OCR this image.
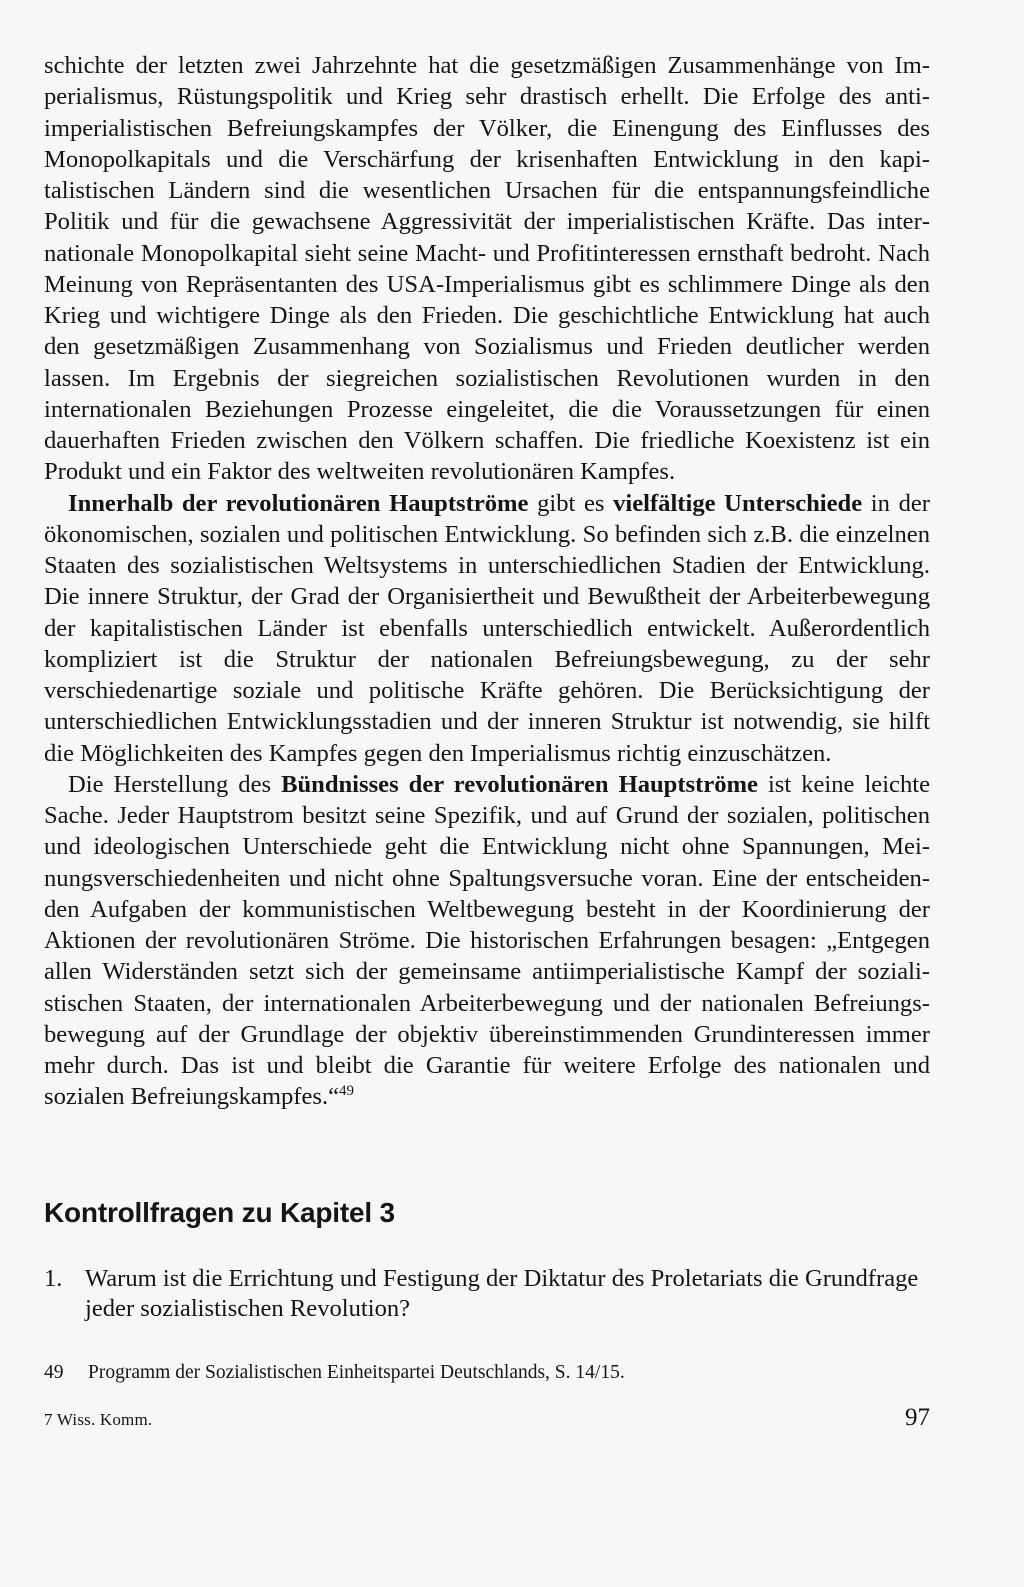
schichte der letzten zwei Jahrzehnte hat die gesetzmäßigen Zusammenhänge von Imperialismus, Rüstungspolitik und Krieg sehr drastisch erhellt. Die Erfolge des antiimperialistischen Befreiungskampfes der Völker, die Einengung des Einflusses des Monopolkapitals und die Verschärfung der krisenhaften Entwicklung in den kapitalistischen Ländern sind die wesentlichen Ursachen für die entspannungsfeindliche Politik und für die gewachsene Aggressivität der imperialistischen Kräfte. Das internationale Monopolkapital sieht seine Macht- und Profitinteressen ernsthaft bedroht. Nach Meinung von Repräsentanten des USA-Imperialismus gibt es schlimmere Dinge als den Krieg und wichtigere Dinge als den Frieden. Die geschichtliche Entwicklung hat auch den gesetzmäßigen Zusammenhang von Sozialismus und Frieden deutlicher werden lassen. Im Ergebnis der siegreichen sozialistischen Revolutionen wurden in den internationalen Beziehungen Prozesse eingeleitet, die die Voraussetzungen für einen dauerhaften Frieden zwischen den Völkern schaffen. Die friedliche Koexistenz ist ein Produkt und ein Faktor des weltweiten revolutionären Kampfes.

Innerhalb der revolutionären Hauptströme gibt es vielfältige Unterschiede in der ökonomischen, sozialen und politischen Entwicklung. So befinden sich z.B. die einzelnen Staaten des sozialistischen Weltsystems in unterschiedlichen Stadien der Entwicklung. Die innere Struktur, der Grad der Organisiertheit und Bewußtheit der Arbeiterbewegung der kapitalistischen Länder ist ebenfalls unterschiedlich entwickelt. Außerordentlich kompliziert ist die Struktur der nationalen Befreiungsbewegung, zu der sehr verschiedenartige soziale und politische Kräfte gehören. Die Berücksichtigung der unterschiedlichen Entwicklungsstadien und der inneren Struktur ist notwendig, sie hilft die Möglichkeiten des Kampfes gegen den Imperialismus richtig einzuschätzen.

Die Herstellung des Bündnisses der revolutionären Hauptströme ist keine leichte Sache. Jeder Hauptstrom besitzt seine Spezifik, und auf Grund der sozialen, politischen und ideologischen Unterschiede geht die Entwicklung nicht ohne Spannungen, Meinungsverschiedenheiten und nicht ohne Spaltungsversuche voran. Eine der entscheidenden Aufgaben der kommunistischen Weltbewegung besteht in der Koordinierung der Aktionen der revolutionären Ströme. Die historischen Erfahrungen besagen: „Entgegen allen Widerständen setzt sich der gemeinsame antiimperialistische Kampf der sozialistischen Staaten, der internationalen Arbeiterbewegung und der nationalen Befreiungsbewegung auf der Grundlage der objektiv übereinstimmenden Grundinteressen immer mehr durch. Das ist und bleibt die Garantie für weitere Erfolge des nationalen und sozialen Befreiungskampfes.“$^{49}$

Kontrollfragen zu Kapitel 3
1. Warum ist die Errichtung und Festigung der Diktatur des Proletariats die Grundfrage jeder sozialistischen Revolution?
49 Programm der Sozialistischen Einheitspartei Deutschlands, S. 14/15.
7 Wiss. Komm.	97
